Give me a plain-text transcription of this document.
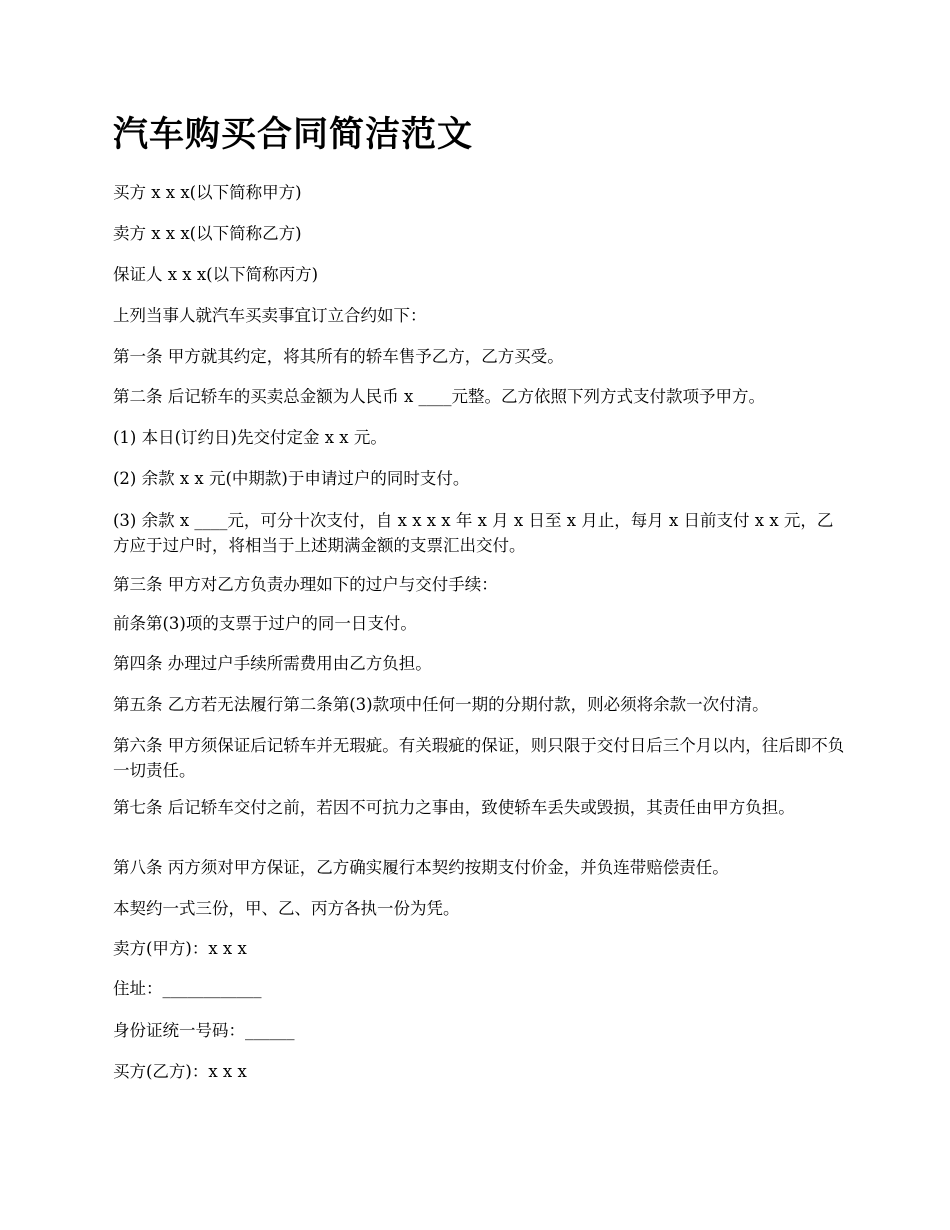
汽车购买合同简洁范文

买方 x x x(以下简称甲方)

卖方 x x x(以下简称乙方)

保证人 x x x(以下简称丙方)

上列当事人就汽车买卖事宜订立合约如下：

第一条 甲方就其约定，将其所有的轿车售予乙方，乙方买受。

第二条 后记轿车的买卖总金额为人民币 x ____元整。乙方依照下列方式支付款项予甲方。

(1) 本日(订约日)先交付定金 x x 元。

(2) 余款 x x 元(中期款)于申请过户的同时支付。

(3) 余款 x ____元，可分十次支付，自 x x x x 年 x 月 x 日至 x 月止，每月 x 日前支付 x x 元，乙方应于过户时，将相当于上述期满金额的支票汇出交付。

第三条 甲方对乙方负责办理如下的过户与交付手续：

前条第(3)项的支票于过户的同一日支付。

第四条 办理过户手续所需费用由乙方负担。

第五条 乙方若无法履行第二条第(3)款项中任何一期的分期付款，则必须将余款一次付清。

第六条 甲方须保证后记轿车并无瑕疵。有关瑕疵的保证，则只限于交付日后三个月以内，往后即不负一切责任。

第七条 后记轿车交付之前，若因不可抗力之事由，致使轿车丢失或毁损，其责任由甲方负担。

第八条 丙方须对甲方保证，乙方确实履行本契约按期支付价金，并负连带赔偿责任。

本契约一式三份，甲、乙、丙方各执一份为凭。

卖方(甲方)：x x x

住址：____________

身份证统一号码：______

买方(乙方)：x x x
